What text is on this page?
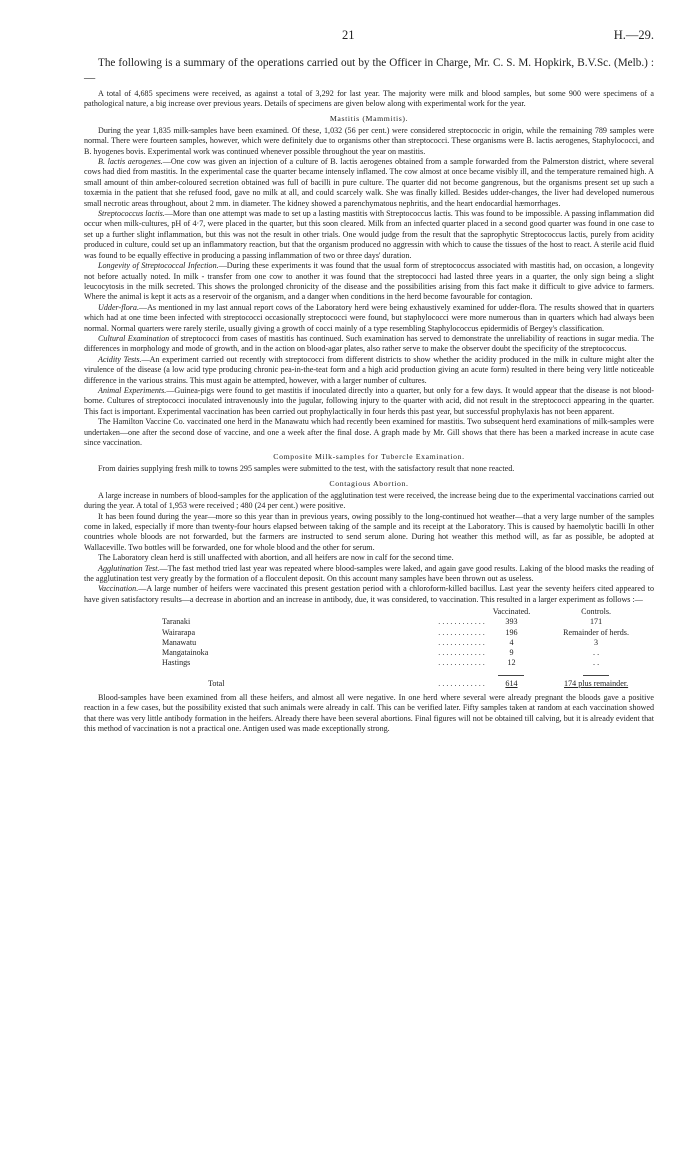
21	H.—29.

The following is a summary of the operations carried out by the Officer in Charge, Mr. C. S. M. Hopkirk, B.V.Sc. (Melb.) :—

A total of 4,685 specimens were received, as against a total of 3,292 for last year. The majority were milk and blood samples, but some 900 were specimens of a pathological nature, a big increase over previous years. Details of specimens are given below along with experimental work for the year.

Mastitis (Mammitis).

During the year 1,835 milk-samples have been examined. Of these, 1,032 (56 per cent.) were considered streptococcic in origin, while the remaining 789 samples were normal. There were fourteen samples, however, which were definitely due to organisms other than streptococci. These organisms were B. lactis aerogenes, Staphylococci, and B. hyogenes bovis. Experimental work was continued whenever possible throughout the year on mastitis.

B. lactis aerogenes.—One cow was given an injection of a culture of B. lactis aerogenes obtained from a sample forwarded from the Palmerston district, where several cows had died from mastitis. In the experimental case the quarter became intensely inflamed. The cow almost at once became visibly ill, and the temperature remained high. A small amount of thin amber-coloured secretion obtained was full of bacilli in pure culture. The quarter did not become gangrenous, but the organisms present set up such a toxæmia in the patient that she refused food, gave no milk at all, and could scarcely walk. She was finally killed. Besides udder-changes, the liver had developed numerous small necrotic areas throughout, about 2 mm. in diameter. The kidney showed a parenchymatous nephritis, and the heart endocardial hæmorrhages.

Streptococcus lactis.—More than one attempt was made to set up a lasting mastitis with Streptococcus lactis. This was found to be impossible. A passing inflammation did occur when milk-cultures, pH of 4·7, were placed in the quarter, but this soon cleared. Milk from an infected quarter placed in a second good quarter was found in one case to set up a further slight inflammation, but this was not the result in other trials. One would judge from the result that the saprophytic Streptococcus lactis, purely from acidity produced in culture, could set up an inflammatory reaction, but that the organism produced no aggressin with which to cause the tissues of the host to react. A sterile acid fluid was found to be equally effective in producing a passing inflammation of two or three days' duration.

Longevity of Streptococcal Infection.—During these experiments it was found that the usual form of streptococcus associated with mastitis had, on occasion, a longevity not before actually noted. In milk - transfer from one cow to another it was found that the streptococci had lasted three years in a quarter, the only sign being a slight leucocytosis in the milk secreted. This shows the prolonged chronicity of the disease and the possibilities arising from this fact make it difficult to give advice to farmers. Where the animal is kept it acts as a reservoir of the organism, and a danger when conditions in the herd become favourable for contagion.

Udder-flora.—As mentioned in my last annual report cows of the Laboratory herd were being exhaustively examined for udder-flora. The results showed that in quarters which had at one time been infected with streptococci occasionally streptococci were found, but staphylococci were more numerous than in quarters which had always been normal. Normal quarters were rarely sterile, usually giving a growth of cocci mainly of a type resembling Staphylococcus epidermidis of Bergey's classification.

Cultural Examination of streptococci from cases of mastitis has continued. Such examination has served to demonstrate the unreliability of reactions in sugar media. The differences in morphology and mode of growth, and in the action on blood-agar plates, also rather serve to make the observer doubt the specificity of the streptococcus.

Acidity Tests.—An experiment carried out recently with streptococci from different districts to show whether the acidity produced in the milk in culture might alter the virulence of the disease (a low acid type producing chronic pea-in-the-teat form and a high acid production giving an acute form) resulted in there being very little noticeable difference in the various strains. This must again be attempted, however, with a larger number of cultures.

Animal Experiments.—Guinea-pigs were found to get mastitis if inoculated directly into a quarter, but only for a few days. It would appear that the disease is not blood-borne. Cultures of streptococci inoculated intravenously into the jugular, following injury to the quarter with acid, did not result in the streptococci appearing in the quarter. This fact is important. Experimental vaccination has been carried out prophylactically in four herds this past year, but successful prophylaxis has not been apparent.

The Hamilton Vaccine Co. vaccinated one herd in the Manawatu which had recently been examined for mastitis. Two subsequent herd examinations of milk-samples were undertaken—one after the second dose of vaccine, and one a week after the final dose. A graph made by Mr. Gill shows that there has been a marked increase in acute case since vaccination.

Composite Milk-samples for Tubercle Examination.

From dairies supplying fresh milk to towns 295 samples were submitted to the test, with the satisfactory result that none reacted.

Contagious Abortion.

A large increase in numbers of blood-samples for the application of the agglutination test were received, the increase being due to the experimental vaccinations carried out during the year. A total of 1,953 were received ; 480 (24 per cent.) were positive.

It has been found during the year—more so this year than in previous years, owing possibly to the long-continued hot weather—that a very large number of the samples come in laked, especially if more than twenty-four hours elapsed between taking of the sample and its receipt at the Laboratory. This is caused by haemolytic bacilli In other countries whole bloods are not forwarded, but the farmers are instructed to send serum alone. During hot weather this method will, as far as possible, be adopted at Wallaceville. Two bottles will be forwarded, one for whole blood and the other for serum.

The Laboratory clean herd is still unaffected with abortion, and all heifers are now in calf for the second time.

Agglutination Test.—The fast method tried last year was repeated where blood-samples were laked, and again gave good results. Laking of the blood masks the reading of the agglutination test very greatly by the formation of a flocculent deposit. On this account many samples have been thrown out as useless.

Vaccination.—A large number of heifers were vaccinated this present gestation period with a chloroform-killed bacillus. Last year the seventy heifers cited appeared to have given satisfactory results—a decrease in abortion and an increase in antibody, due, it was considered, to vaccination. This resulted in a larger experiment as follows :—

		Vaccinated.	Controls.
Taranaki	. . . . . . . . . . . .	393	171
Wairarapa	. . . . . . . . . . . .	196	Remainder of herds.
Manawatu	. . . . . . . . . . . .	4	3
Mangatainoka	. . . . . . . . . . . .	9	. .
Hastings	. . . . . . . . . . . .	12	. .

Total	. . . . . . . . . . . .	614	174 plus remainder.

Blood-samples have been examined from all these heifers, and almost all were negative. In one herd where several were already pregnant the bloods gave a positive reaction in a few cases, but the possibility existed that such animals were already in calf. This can be verified later. Fifty samples taken at random at each vaccination showed that there was very little antibody formation in the heifers. Already there have been several abortions. Final figures will not be obtained till calving, but it is already evident that this method of vaccination is not a practical one. Antigen used was made exceptionally strong.
